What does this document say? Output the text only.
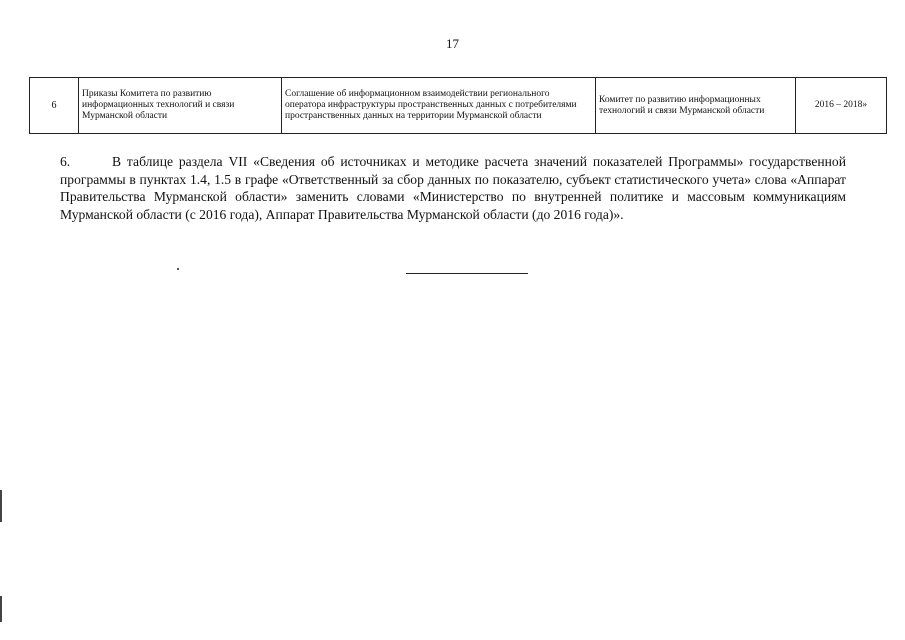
17
6	Приказы Комитета по развитию информационных технологий и связи Мурманской области	Соглашение об информационном взаимодействии регионального оператора инфраструктуры пространственных данных с потребителями пространственных данных на территории Мурманской области	Комитет по развитию информационных технологий и связи Мурманской области	2016 – 2018»
6.	В таблице раздела VII «Сведения об источниках и методике расчета значений показателей Программы» государственной программы в пунктах 1.4, 1.5 в графе «Ответственный за сбор данных по показателю, субъект статистического учета» слова «Аппарат Правительства Мурманской области» заменить словами «Министерство по внутренней политике и массовым коммуникациям Мурманской области (с 2016 года), Аппарат Правительства Мурманской области (до 2016 года)».
